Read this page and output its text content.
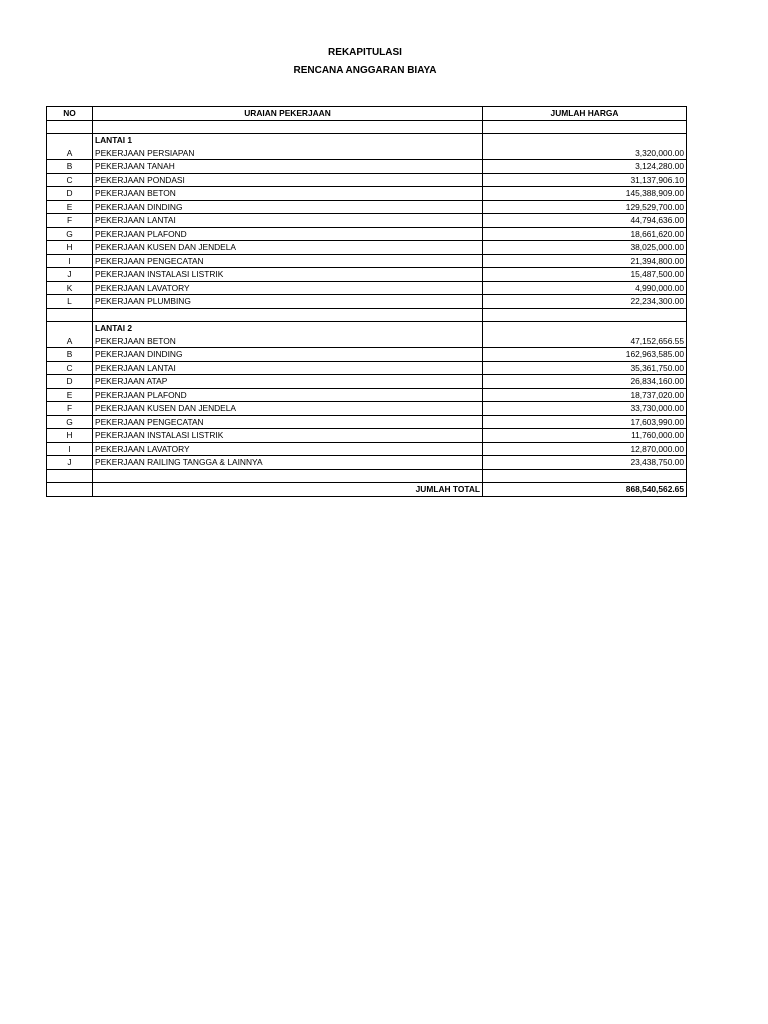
REKAPITULASI
RENCANA ANGGARAN BIAYA
NO	URAIAN PEKERJAAN	JUMLAH HARGA

	LANTAI 1	
A	PEKERJAAN PERSIAPAN	3,320,000.00
B	PEKERJAAN TANAH	3,124,280.00
C	PEKERJAAN PONDASI	31,137,906.10
D	PEKERJAAN BETON	145,388,909.00
E	PEKERJAAN DINDING	129,529,700.00
F	PEKERJAAN LANTAI	44,794,636.00
G	PEKERJAAN PLAFOND	18,661,620.00
H	PEKERJAAN KUSEN DAN JENDELA	38,025,000.00
I	PEKERJAAN PENGECATAN	21,394,800.00
J	PEKERJAAN INSTALASI LISTRIK	15,487,500.00
K	PEKERJAAN LAVATORY	4,990,000.00
L	PEKERJAAN PLUMBING	22,234,300.00

	LANTAI 2	
A	PEKERJAAN BETON	47,152,656.55
B	PEKERJAAN DINDING	162,963,585.00
C	PEKERJAAN LANTAI	35,361,750.00
D	PEKERJAAN ATAP	26,834,160.00
E	PEKERJAAN PLAFOND	18,737,020.00
F	PEKERJAAN KUSEN DAN JENDELA	33,730,000.00
G	PEKERJAAN PENGECATAN	17,603,990.00
H	PEKERJAAN INSTALASI LISTRIK	11,760,000.00
I	PEKERJAAN LAVATORY	12,870,000.00
J	PEKERJAAN RAILING TANGGA & LAINNYA	23,438,750.00

	JUMLAH TOTAL	868,540,562.65
